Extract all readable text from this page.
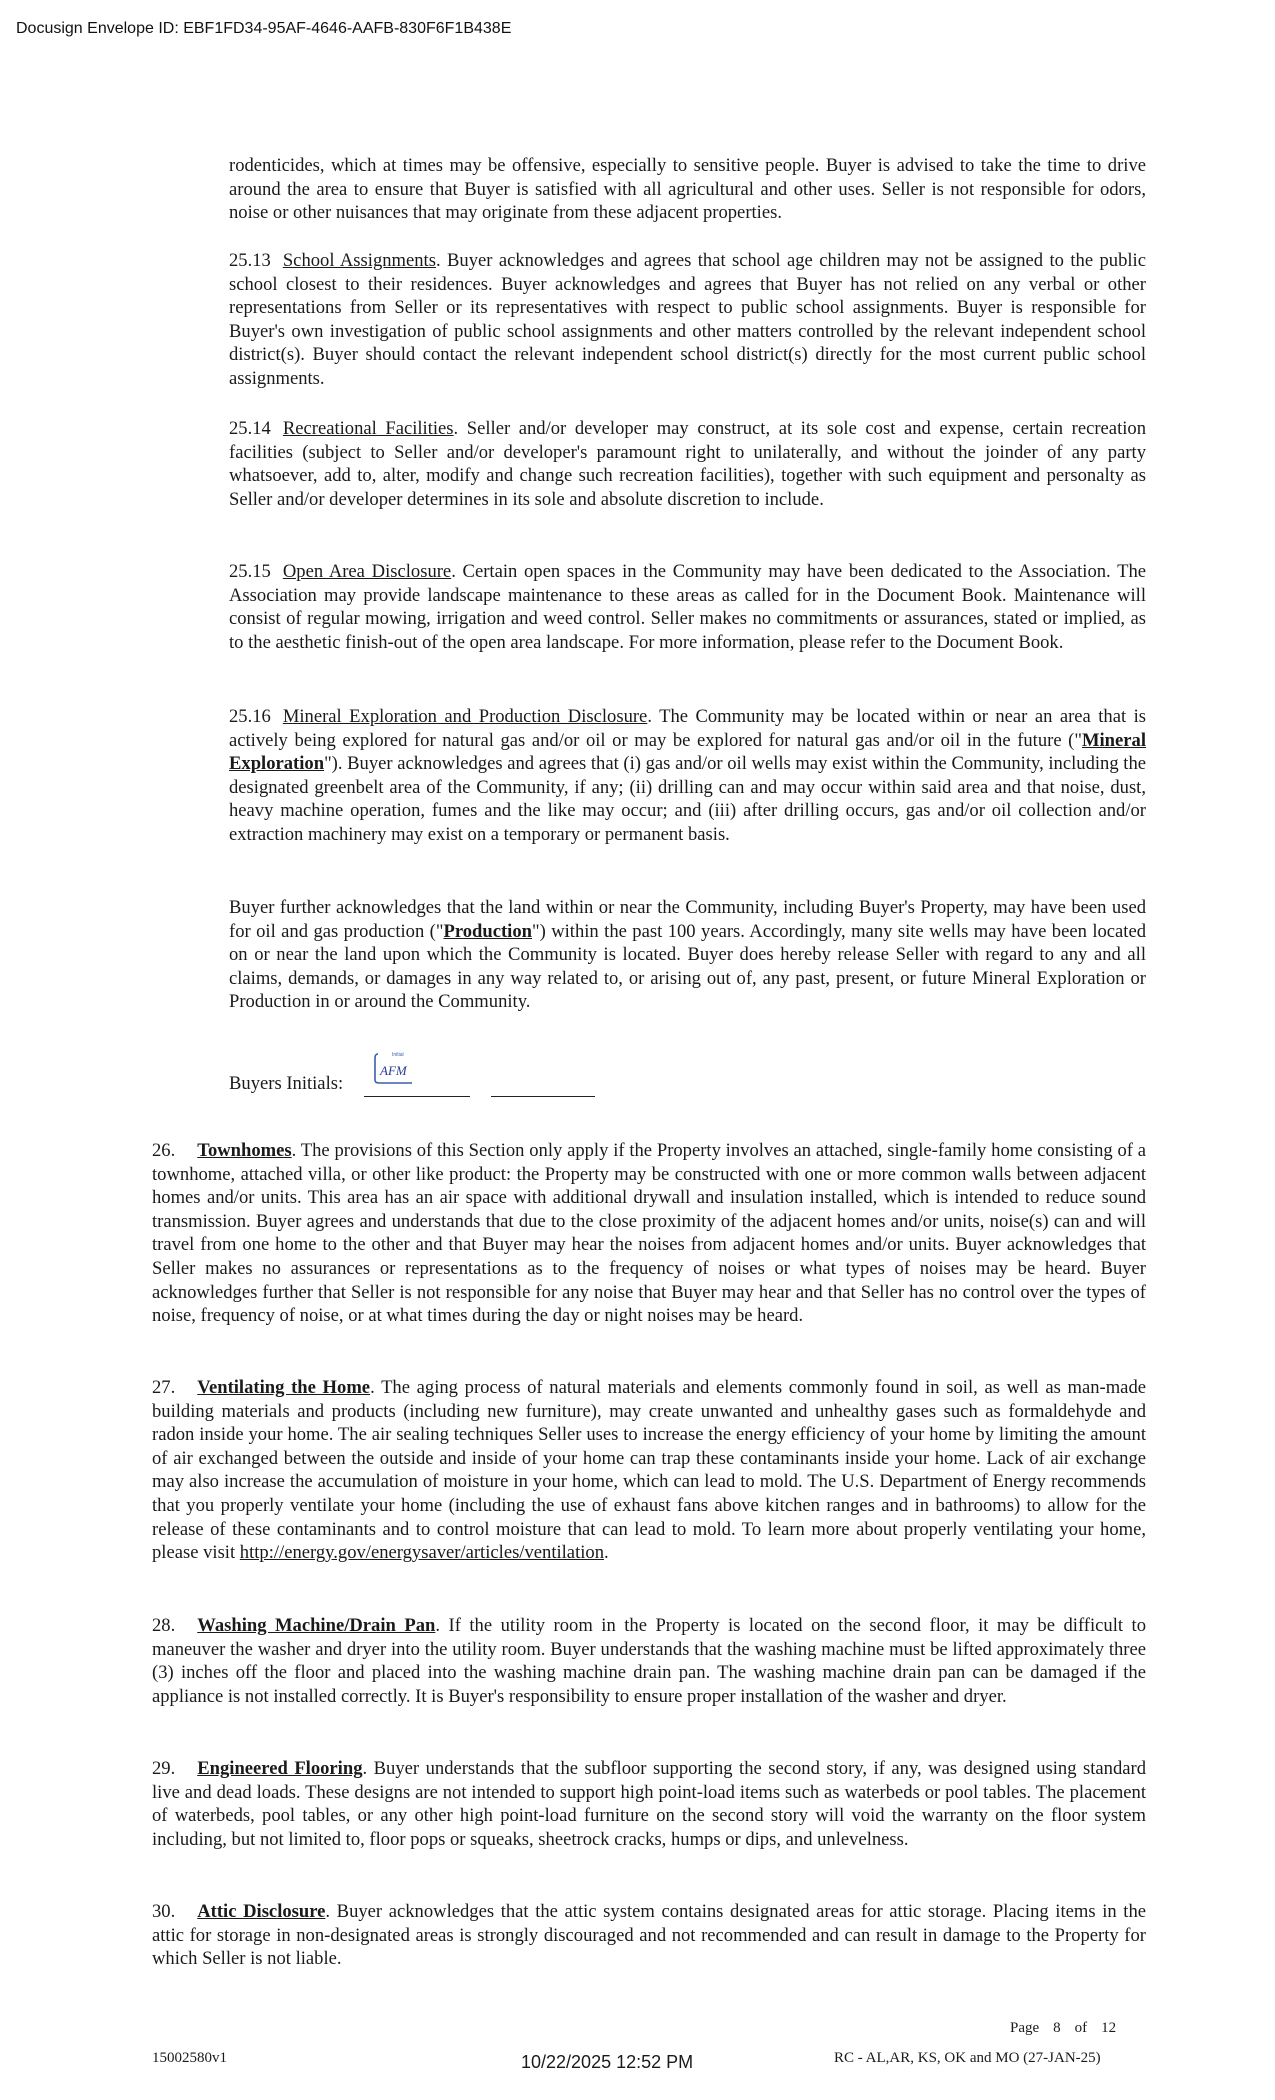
Docusign Envelope ID: EBF1FD34-95AF-4646-AAFB-830F6F1B438E

rodenticides, which at times may be offensive, especially to sensitive people. Buyer is advised to take the time to drive around the area to ensure that Buyer is satisfied with all agricultural and other uses. Seller is not responsible for odors, noise or other nuisances that may originate from these adjacent properties.

25.13 School Assignments. Buyer acknowledges and agrees that school age children may not be assigned to the public school closest to their residences. Buyer acknowledges and agrees that Buyer has not relied on any verbal or other representations from Seller or its representatives with respect to public school assignments. Buyer is responsible for Buyer's own investigation of public school assignments and other matters controlled by the relevant independent school district(s). Buyer should contact the relevant independent school district(s) directly for the most current public school assignments.

25.14 Recreational Facilities. Seller and/or developer may construct, at its sole cost and expense, certain recreation facilities (subject to Seller and/or developer's paramount right to unilaterally, and without the joinder of any party whatsoever, add to, alter, modify and change such recreation facilities), together with such equipment and personalty as Seller and/or developer determines in its sole and absolute discretion to include.

25.15 Open Area Disclosure. Certain open spaces in the Community may have been dedicated to the Association. The Association may provide landscape maintenance to these areas as called for in the Document Book. Maintenance will consist of regular mowing, irrigation and weed control. Seller makes no commitments or assurances, stated or implied, as to the aesthetic finish-out of the open area landscape. For more information, please refer to the Document Book.

25.16 Mineral Exploration and Production Disclosure. The Community may be located within or near an area that is actively being explored for natural gas and/or oil or may be explored for natural gas and/or oil in the future ("Mineral Exploration"). Buyer acknowledges and agrees that (i) gas and/or oil wells may exist within the Community, including the designated greenbelt area of the Community, if any; (ii) drilling can and may occur within said area and that noise, dust, heavy machine operation, fumes and the like may occur; and (iii) after drilling occurs, gas and/or oil collection and/or extraction machinery may exist on a temporary or permanent basis.

Buyer further acknowledges that the land within or near the Community, including Buyer's Property, may have been used for oil and gas production ("Production") within the past 100 years. Accordingly, many site wells may have been located on or near the land upon which the Community is located. Buyer does hereby release Seller with regard to any and all claims, demands, or damages in any way related to, or arising out of, any past, present, or future Mineral Exploration or Production in or around the Community.

Buyers Initials:
Initial
AFM

26. Townhomes. The provisions of this Section only apply if the Property involves an attached, single-family home consisting of a townhome, attached villa, or other like product: the Property may be constructed with one or more common walls between adjacent homes and/or units. This area has an air space with additional drywall and insulation installed, which is intended to reduce sound transmission. Buyer agrees and understands that due to the close proximity of the adjacent homes and/or units, noise(s) can and will travel from one home to the other and that Buyer may hear the noises from adjacent homes and/or units. Buyer acknowledges that Seller makes no assurances or representations as to the frequency of noises or what types of noises may be heard. Buyer acknowledges further that Seller is not responsible for any noise that Buyer may hear and that Seller has no control over the types of noise, frequency of noise, or at what times during the day or night noises may be heard.

27. Ventilating the Home. The aging process of natural materials and elements commonly found in soil, as well as man-made building materials and products (including new furniture), may create unwanted and unhealthy gases such as formaldehyde and radon inside your home. The air sealing techniques Seller uses to increase the energy efficiency of your home by limiting the amount of air exchanged between the outside and inside of your home can trap these contaminants inside your home. Lack of air exchange may also increase the accumulation of moisture in your home, which can lead to mold. The U.S. Department of Energy recommends that you properly ventilate your home (including the use of exhaust fans above kitchen ranges and in bathrooms) to allow for the release of these contaminants and to control moisture that can lead to mold. To learn more about properly ventilating your home, please visit http://energy.gov/energysaver/articles/ventilation.

28. Washing Machine/Drain Pan. If the utility room in the Property is located on the second floor, it may be difficult to maneuver the washer and dryer into the utility room. Buyer understands that the washing machine must be lifted approximately three (3) inches off the floor and placed into the washing machine drain pan. The washing machine drain pan can be damaged if the appliance is not installed correctly. It is Buyer's responsibility to ensure proper installation of the washer and dryer.

29. Engineered Flooring. Buyer understands that the subfloor supporting the second story, if any, was designed using standard live and dead loads. These designs are not intended to support high point-load items such as waterbeds or pool tables. The placement of waterbeds, pool tables, or any other high point-load furniture on the second story will void the warranty on the floor system including, but not limited to, floor pops or squeaks, sheetrock cracks, humps or dips, and unlevelness.

30. Attic Disclosure. Buyer acknowledges that the attic system contains designated areas for attic storage. Placing items in the attic for storage in non-designated areas is strongly discouraged and not recommended and can result in damage to the Property for which Seller is not liable.

Page 8 of 12
15002580v1	10/22/2025 12:52 PM	RC - AL,AR, KS, OK and MO (27-JAN-25)
